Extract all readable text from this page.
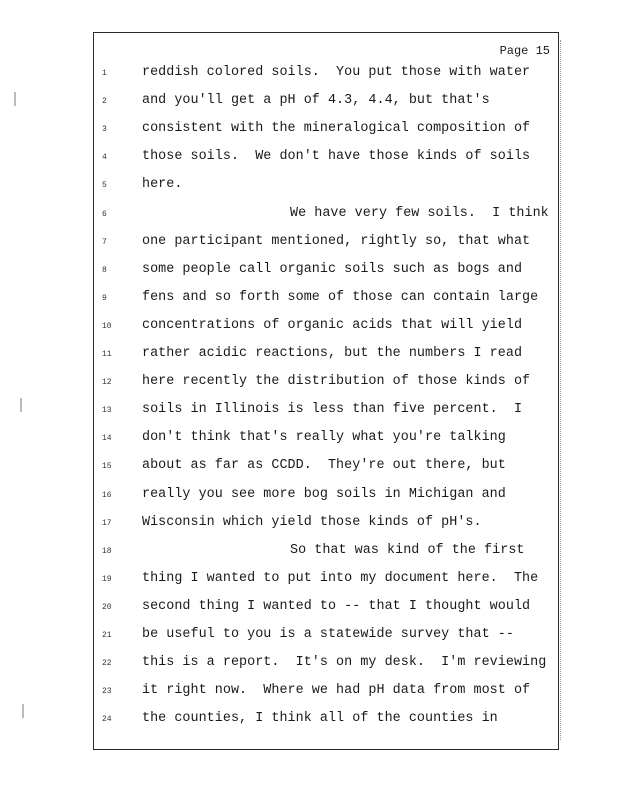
Page 15
1	reddish colored soils.  You put those with water
2	and you'll get a pH of 4.3, 4.4, but that's
3	consistent with the mineralogical composition of
4	those soils.  We don't have those kinds of soils
5	here.
6	We have very few soils.  I think
7	one participant mentioned, rightly so, that what
8	some people call organic soils such as bogs and
9	fens and so forth some of those can contain large
10	concentrations of organic acids that will yield
11	rather acidic reactions, but the numbers I read
12	here recently the distribution of those kinds of
13	soils in Illinois is less than five percent.  I
14	don't think that's really what you're talking
15	about as far as CCDD.  They're out there, but
16	really you see more bog soils in Michigan and
17	Wisconsin which yield those kinds of pH's.
18	So that was kind of the first
19	thing I wanted to put into my document here.  The
20	second thing I wanted to -- that I thought would
21	be useful to you is a statewide survey that --
22	this is a report.  It's on my desk.  I'm reviewing
23	it right now.  Where we had pH data from most of
24	the counties, I think all of the counties in
